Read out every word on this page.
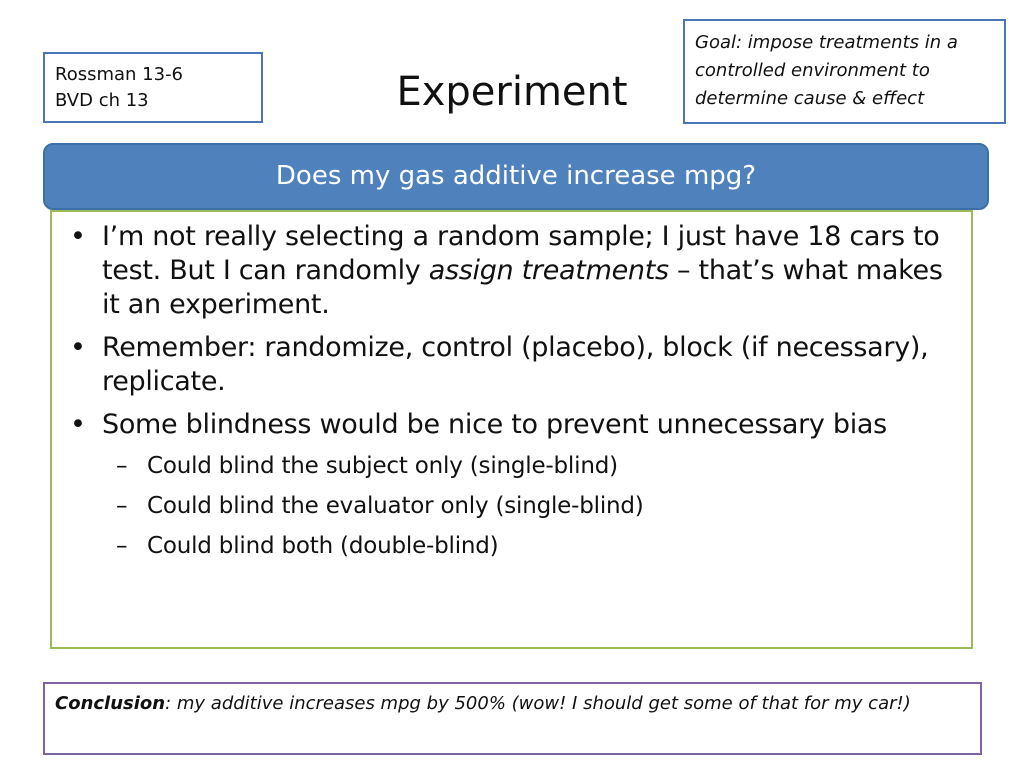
Rossman 13-6
BVD ch 13	Experiment
Goal: impose treatments in a controlled environment to determine cause & effect
Does my gas additive increase mpg?
• I’m not really selecting a random sample; I just have 18 cars to test. But I can randomly assign treatments – that’s what makes it an experiment.
• Remember: randomize, control (placebo), block (if necessary), replicate.
• Some blindness would be nice to prevent unnecessary bias
– Could blind the subject only (single-blind)
– Could blind the evaluator only (single-blind)
– Could blind both (double-blind)
Conclusion: my additive increases mpg by 500% (wow! I should get some of that for my car!)
